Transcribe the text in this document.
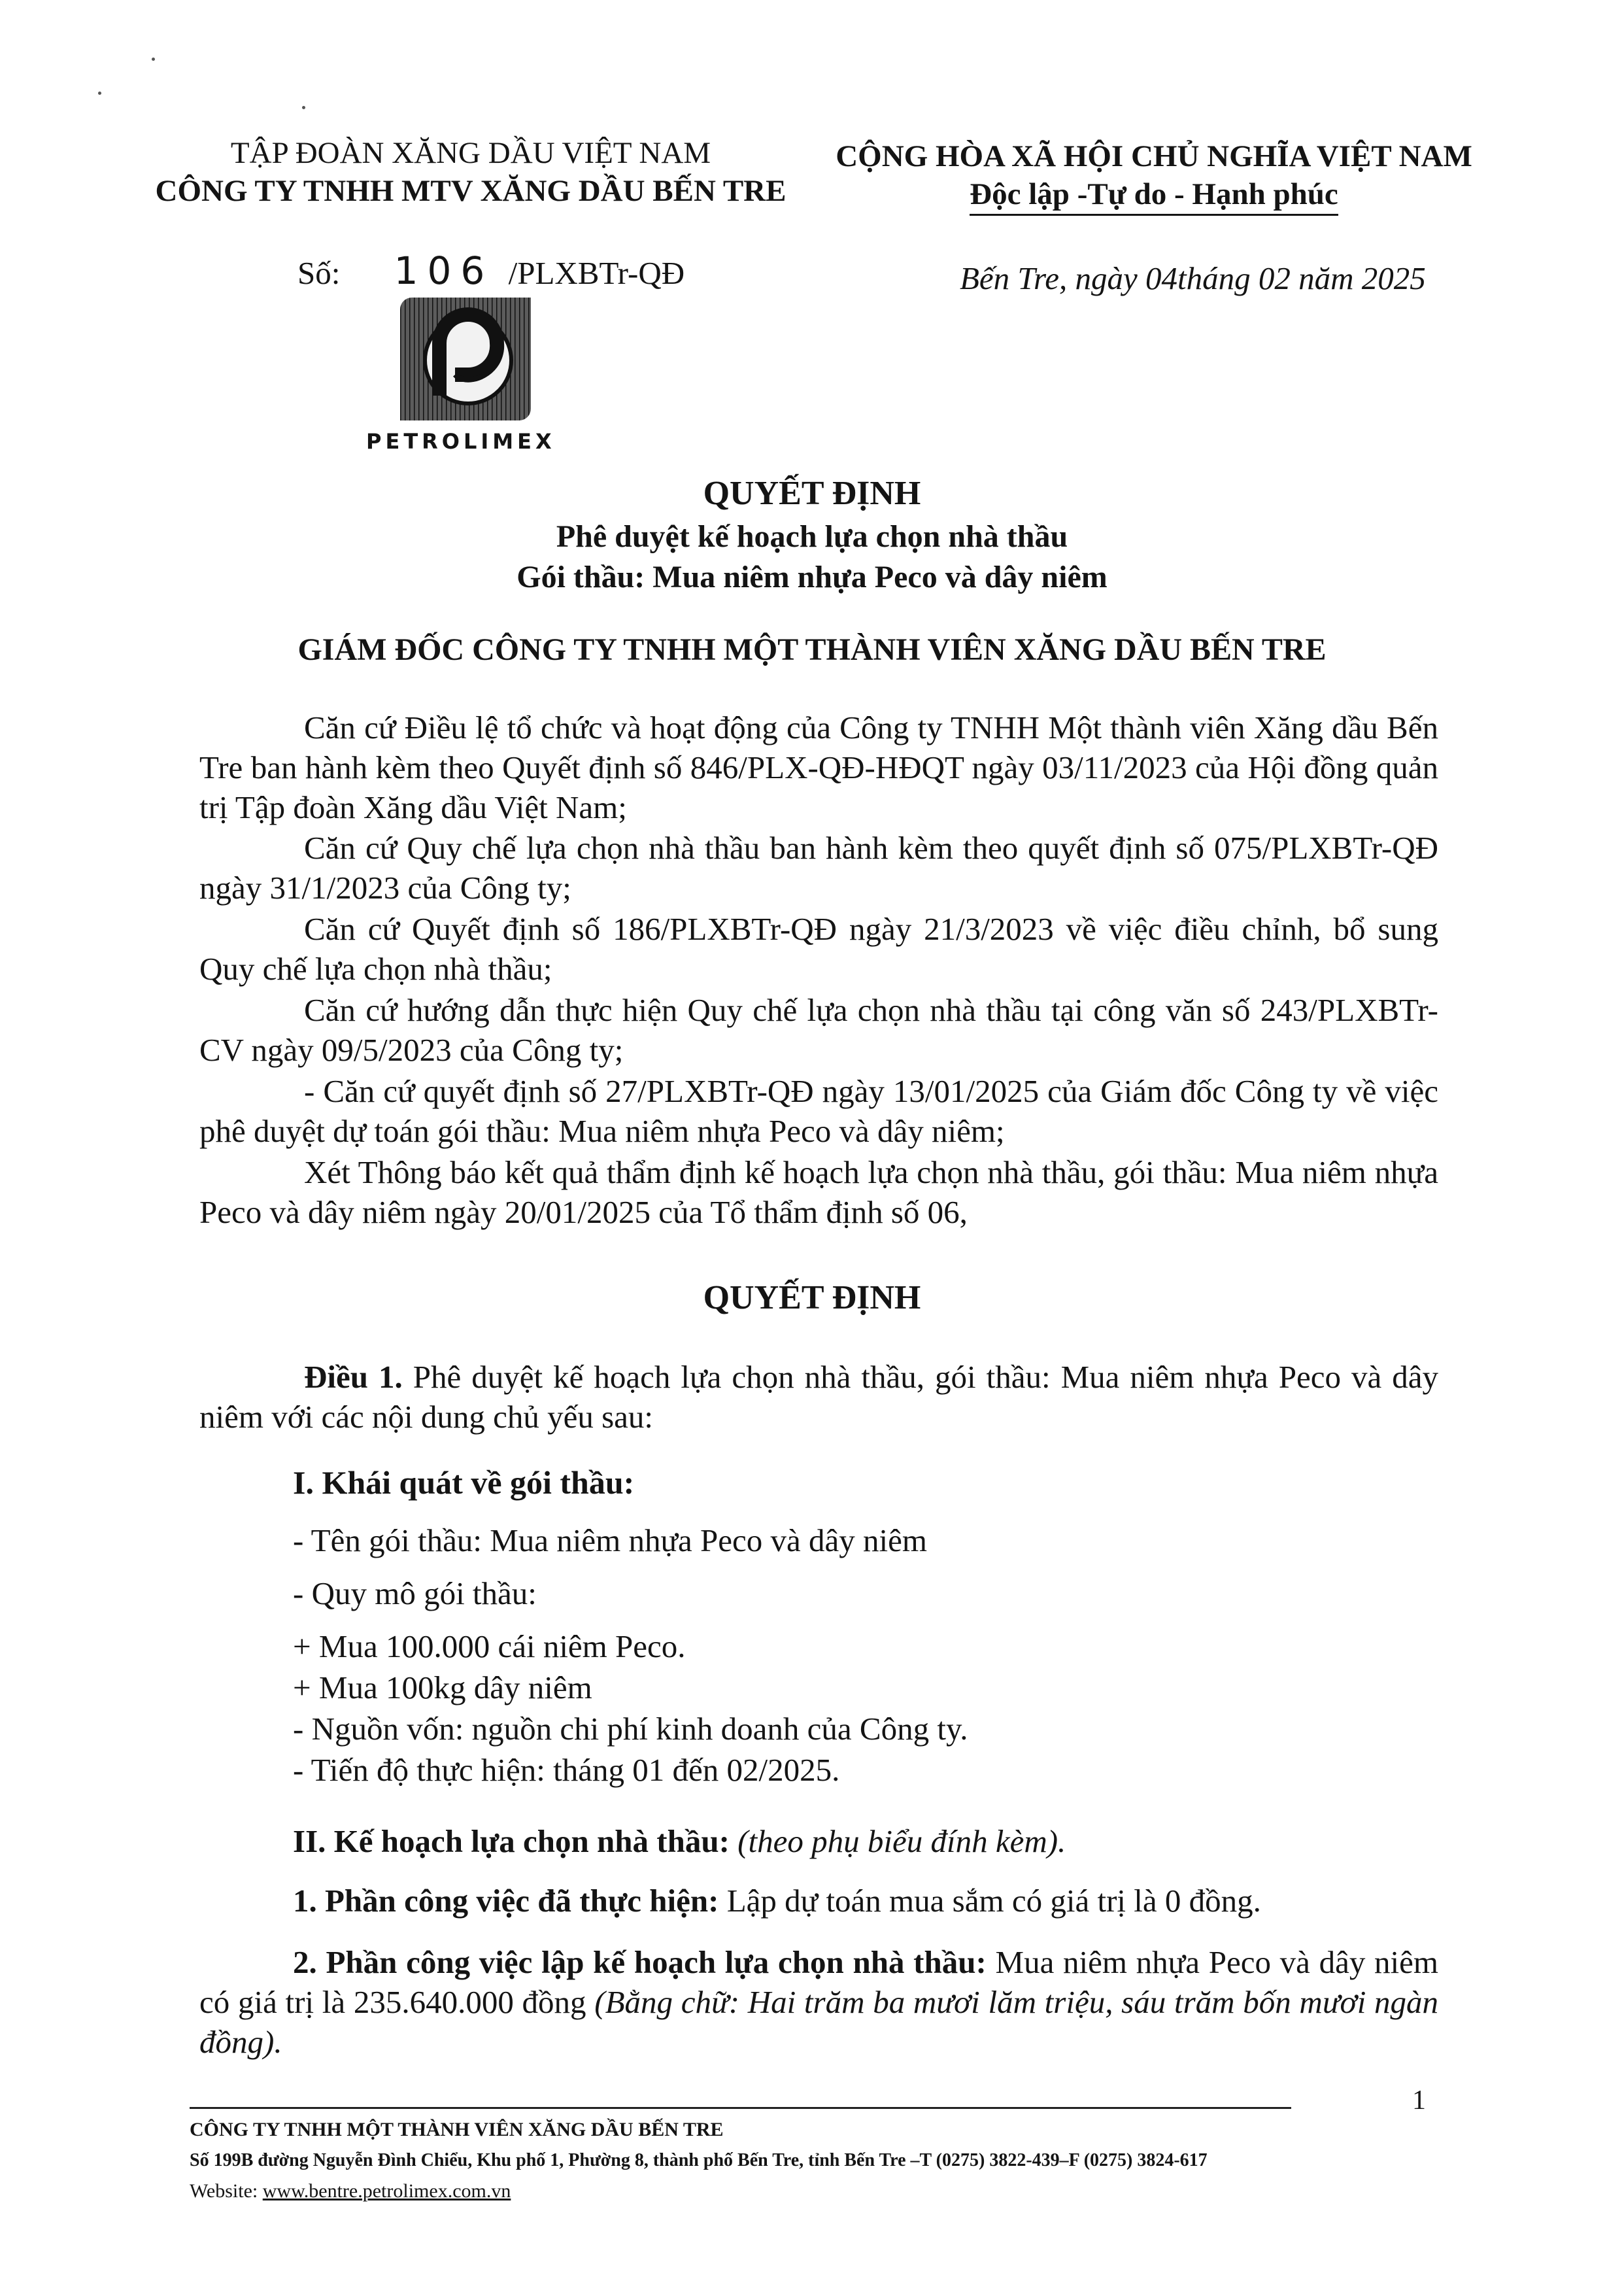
TẬP ĐOÀN XĂNG DẦU VIỆT NAM
CÔNG TY TNHH MTV XĂNG DẦU BẾN TRE
CỘNG HÒA XÃ HỘI CHỦ NGHĨA VIỆT NAM
Độc lập -Tự do - Hạnh phúc
Số: 106 /PLXBTr-QĐ	Bến Tre, ngày 04tháng 02 năm 2025
PETROLIMEX
QUYẾT ĐỊNH
Phê duyệt kế hoạch lựa chọn nhà thầu
Gói thầu: Mua niêm nhựa Peco và dây niêm
GIÁM ĐỐC CÔNG TY TNHH MỘT THÀNH VIÊN XĂNG DẦU BẾN TRE
Căn cứ Điều lệ tổ chức và hoạt động của Công ty TNHH Một thành viên Xăng dầu Bến Tre ban hành kèm theo Quyết định số 846/PLX-QĐ-HĐQT ngày 03/11/2023 của Hội đồng quản trị Tập đoàn Xăng dầu Việt Nam;
Căn cứ Quy chế lựa chọn nhà thầu ban hành kèm theo quyết định số 075/PLXBTr-QĐ ngày 31/1/2023 của Công ty;
Căn cứ Quyết định số 186/PLXBTr-QĐ ngày 21/3/2023 về việc điều chỉnh, bổ sung Quy chế lựa chọn nhà thầu;
Căn cứ hướng dẫn thực hiện Quy chế lựa chọn nhà thầu tại công văn số 243/PLXBTr-CV ngày 09/5/2023 của Công ty;
- Căn cứ quyết định số 27/PLXBTr-QĐ ngày 13/01/2025 của Giám đốc Công ty về việc phê duyệt dự toán gói thầu: Mua niêm nhựa Peco và dây niêm;
Xét Thông báo kết quả thẩm định kế hoạch lựa chọn nhà thầu, gói thầu: Mua niêm nhựa Peco và dây niêm ngày 20/01/2025 của Tổ thẩm định số 06,
QUYẾT ĐỊNH
Điều 1. Phê duyệt kế hoạch lựa chọn nhà thầu, gói thầu: Mua niêm nhựa Peco và dây niêm với các nội dung chủ yếu sau:
I. Khái quát về gói thầu:
- Tên gói thầu: Mua niêm nhựa Peco và dây niêm
- Quy mô gói thầu:
+ Mua 100.000 cái niêm Peco.
+ Mua 100kg dây niêm
- Nguồn vốn: nguồn chi phí kinh doanh của Công ty.
- Tiến độ thực hiện: tháng 01 đến 02/2025.
II. Kế hoạch lựa chọn nhà thầu: (theo phụ biểu đính kèm).
1. Phần công việc đã thực hiện: Lập dự toán mua sắm có giá trị là 0 đồng.
2. Phần công việc lập kế hoạch lựa chọn nhà thầu: Mua niêm nhựa Peco và dây niêm có giá trị là 235.640.000 đồng (Bằng chữ: Hai trăm ba mươi lăm triệu, sáu trăm bốn mươi ngàn đồng).
1
CÔNG TY TNHH MỘT THÀNH VIÊN XĂNG DẦU BẾN TRE
Số 199B đường Nguyễn Đình Chiểu, Khu phố 1, Phường 8, thành phố Bến Tre, tỉnh Bến Tre –T (0275) 3822-439–F (0275) 3824-617
Website: www.bentre.petrolimex.com.vn
